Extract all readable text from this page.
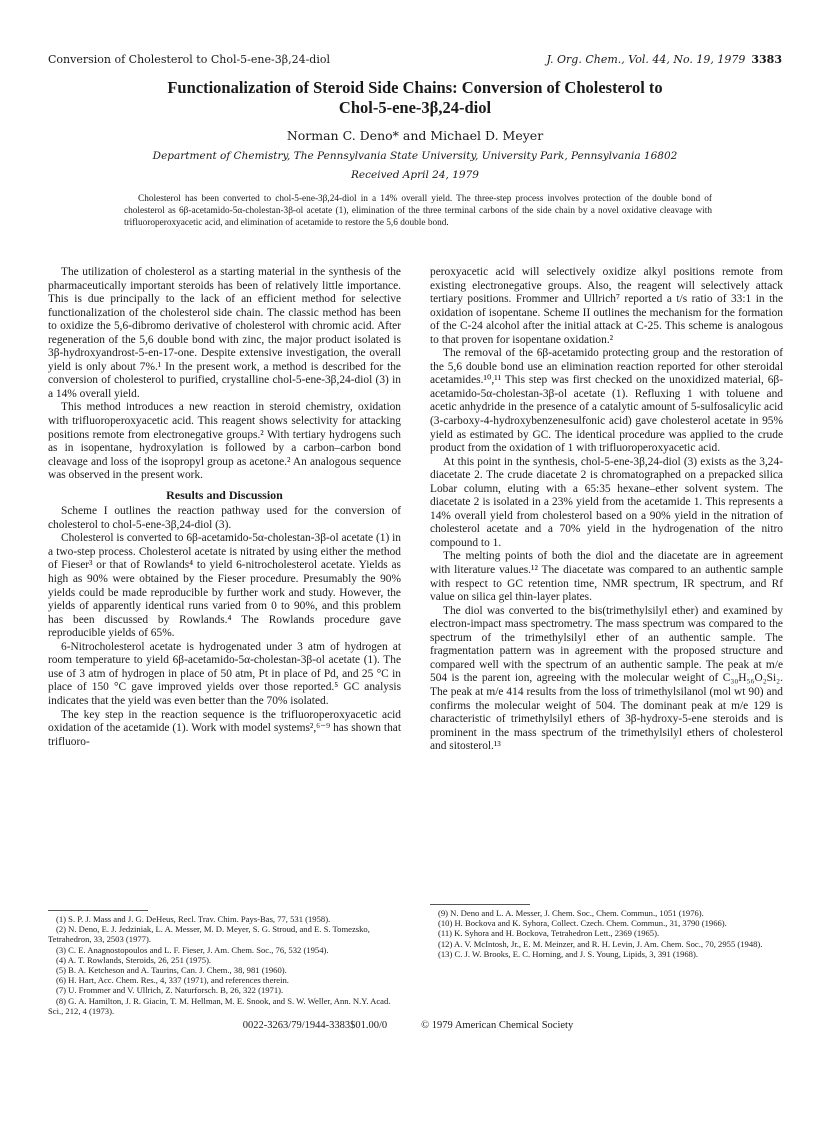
Conversion of Cholesterol to Chol-5-ene-3β,24-diol	J. Org. Chem., Vol. 44, No. 19, 1979 3383
Functionalization of Steroid Side Chains: Conversion of Cholesterol to
Chol-5-ene-3β,24-diol
Norman C. Deno* and Michael D. Meyer
Department of Chemistry, The Pennsylvania State University, University Park, Pennsylvania 16802
Received April 24, 1979
Cholesterol has been converted to chol-5-ene-3β,24-diol in a 14% overall yield. The three-step process involves protection of the double bond of cholesterol as 6β-acetamido-5α-cholestan-3β-ol acetate (1), elimination of the three terminal carbons of the side chain by a novel oxidative cleavage with trifluoroperoxyacetic acid, and elimination of acetamide to restore the 5,6 double bond.

The utilization of cholesterol as a starting material in the synthesis of the pharmaceutically important steroids has been of relatively little importance. This is due principally to the lack of an efficient method for selective functionalization of the cholesterol side chain. The classic method has been to oxidize the 5,6-dibromo derivative of cholesterol with chromic acid. After regeneration of the 5,6 double bond with zinc, the major product isolated is 3β-hydroxyandrost-5-en-17-one. Despite extensive investigation, the overall yield is only about 7%.¹ In the present work, a method is described for the conversion of cholesterol to purified, crystalline chol-5-ene-3β,24-diol (3) in a 14% overall yield.

This method introduces a new reaction in steroid chemistry, oxidation with trifluoroperoxyacetic acid. This reagent shows selectivity for attacking positions remote from electronegative groups.² With tertiary hydrogens such as in isopentane, hydroxylation is followed by a carbon–carbon bond cleavage and loss of the isopropyl group as acetone.² An analogous sequence was observed in the present work.

Results and Discussion

Scheme I outlines the reaction pathway used for the conversion of cholesterol to chol-5-ene-3β,24-diol (3).

Cholesterol is converted to 6β-acetamido-5α-cholestan-3β-ol acetate (1) in a two-step process. Cholesterol acetate is nitrated by using either the method of Fieser³ or that of Rowlands⁴ to yield 6-nitrocholesterol acetate. Yields as high as 90% were obtained by the Fieser procedure. Presumably the 90% yields could be made reproducible by further work and study. However, the yields of apparently identical runs varied from 0 to 90%, and this problem has been discussed by Rowlands.⁴ The Rowlands procedure gave reproducible yields of 65%.

6-Nitrocholesterol acetate is hydrogenated under 3 atm of hydrogen at room temperature to yield 6β-acetamido-5α-cholestan-3β-ol acetate (1). The use of 3 atm of hydrogen in place of 50 atm, Pt in place of Pd, and 25 °C in place of 150 °C gave improved yields over those reported.⁵ GC analysis indicates that the yield was even better than the 70% isolated.

The key step in the reaction sequence is the trifluoroperoxyacetic acid oxidation of the acetamide (1). Work with model systems²,⁶⁻⁹ has shown that trifluoro-

peroxyacetic acid will selectively oxidize alkyl positions remote from existing electronegative groups. Also, the reagent will selectively attack tertiary positions. Frommer and Ullrich⁷ reported a t/s ratio of 33:1 in the oxidation of isopentane. Scheme II outlines the mechanism for the formation of the C-24 alcohol after the initial attack at C-25. This scheme is analogous to that proven for isopentane oxidation.²

The removal of the 6β-acetamido protecting group and the restoration of the 5,6 double bond use an elimination reaction reported for other steroidal acetamides.¹⁰,¹¹ This step was first checked on the unoxidized material, 6β-acetamido-5α-cholestan-3β-ol acetate (1). Refluxing 1 with toluene and acetic anhydride in the presence of a catalytic amount of 5-sulfosalicylic acid (3-carboxy-4-hydroxybenzenesulfonic acid) gave cholesterol acetate in 95% yield as estimated by GC. The identical procedure was applied to the crude product from the oxidation of 1 with trifluoroperoxyacetic acid.

At this point in the synthesis, chol-5-ene-3β,24-diol (3) exists as the 3,24-diacetate 2. The crude diacetate 2 is chromatographed on a prepacked silica Lobar column, eluting with a 65:35 hexane–ether solvent system. The diacetate 2 is isolated in a 23% yield from the acetamide 1. This represents a 14% overall yield from cholesterol based on a 90% yield in the nitration of cholesterol acetate and a 70% yield in the hydrogenation of the nitro compound to 1.

The melting points of both the diol and the diacetate are in agreement with literature values.¹² The diacetate was compared to an authentic sample with respect to GC retention time, NMR spectrum, IR spectrum, and Rf value on silica gel thin-layer plates.

The diol was converted to the bis(trimethylsilyl ether) and examined by electron-impact mass spectrometry. The mass spectrum was compared to the spectrum of the trimethylsilyl ether of an authentic sample. The fragmentation pattern was in agreement with the proposed structure and compared well with the spectrum of an authentic sample. The peak at m/e 504 is the parent ion, agreeing with the molecular weight of C₃₀H₅₆O₂Si₂. The peak at m/e 414 results from the loss of trimethylsilanol (mol wt 90) and confirms the molecular weight of 504. The dominant peak at m/e 129 is characteristic of trimethylsilyl ethers of 3β-hydroxy-5-ene steroids and is prominent in the mass spectrum of the trimethylsilyl ethers of cholesterol and sitosterol.¹³

(1) S. P. J. Mass and J. G. DeHeus, Recl. Trav. Chim. Pays-Bas, 77, 531 (1958).
(2) N. Deno, E. J. Jedziniak, L. A. Messer, M. D. Meyer, S. G. Stroud, and E. S. Tomezsko, Tetrahedron, 33, 2503 (1977).
(3) C. E. Anagnostopoulos and L. F. Fieser, J. Am. Chem. Soc., 76, 532 (1954).
(4) A. T. Rowlands, Steroids, 26, 251 (1975).
(5) B. A. Ketcheson and A. Taurins, Can. J. Chem., 38, 981 (1960).
(6) H. Hart, Acc. Chem. Res., 4, 337 (1971), and references therein.
(7) U. Frommer and V. Ullrich, Z. Naturforsch. B, 26, 322 (1971).
(8) G. A. Hamilton, J. R. Giacin, T. M. Hellman, M. E. Snook, and S. W. Weller, Ann. N.Y. Acad. Sci., 212, 4 (1973).
(9) N. Deno and L. A. Messer, J. Chem. Soc., Chem. Commun., 1051 (1976).
(10) H. Bockova and K. Syhora, Collect. Czech. Chem. Commun., 31, 3790 (1966).
(11) K. Syhora and H. Bockova, Tetrahedron Lett., 2369 (1965).
(12) A. V. McIntosh, Jr., E. M. Meinzer, and R. H. Levin, J. Am. Chem. Soc., 70, 2955 (1948).
(13) C. J. W. Brooks, E. C. Horning, and J. S. Young, Lipids, 3, 391 (1968).
0022-3263/79/1944-3383$01.00/0	© 1979 American Chemical Society
